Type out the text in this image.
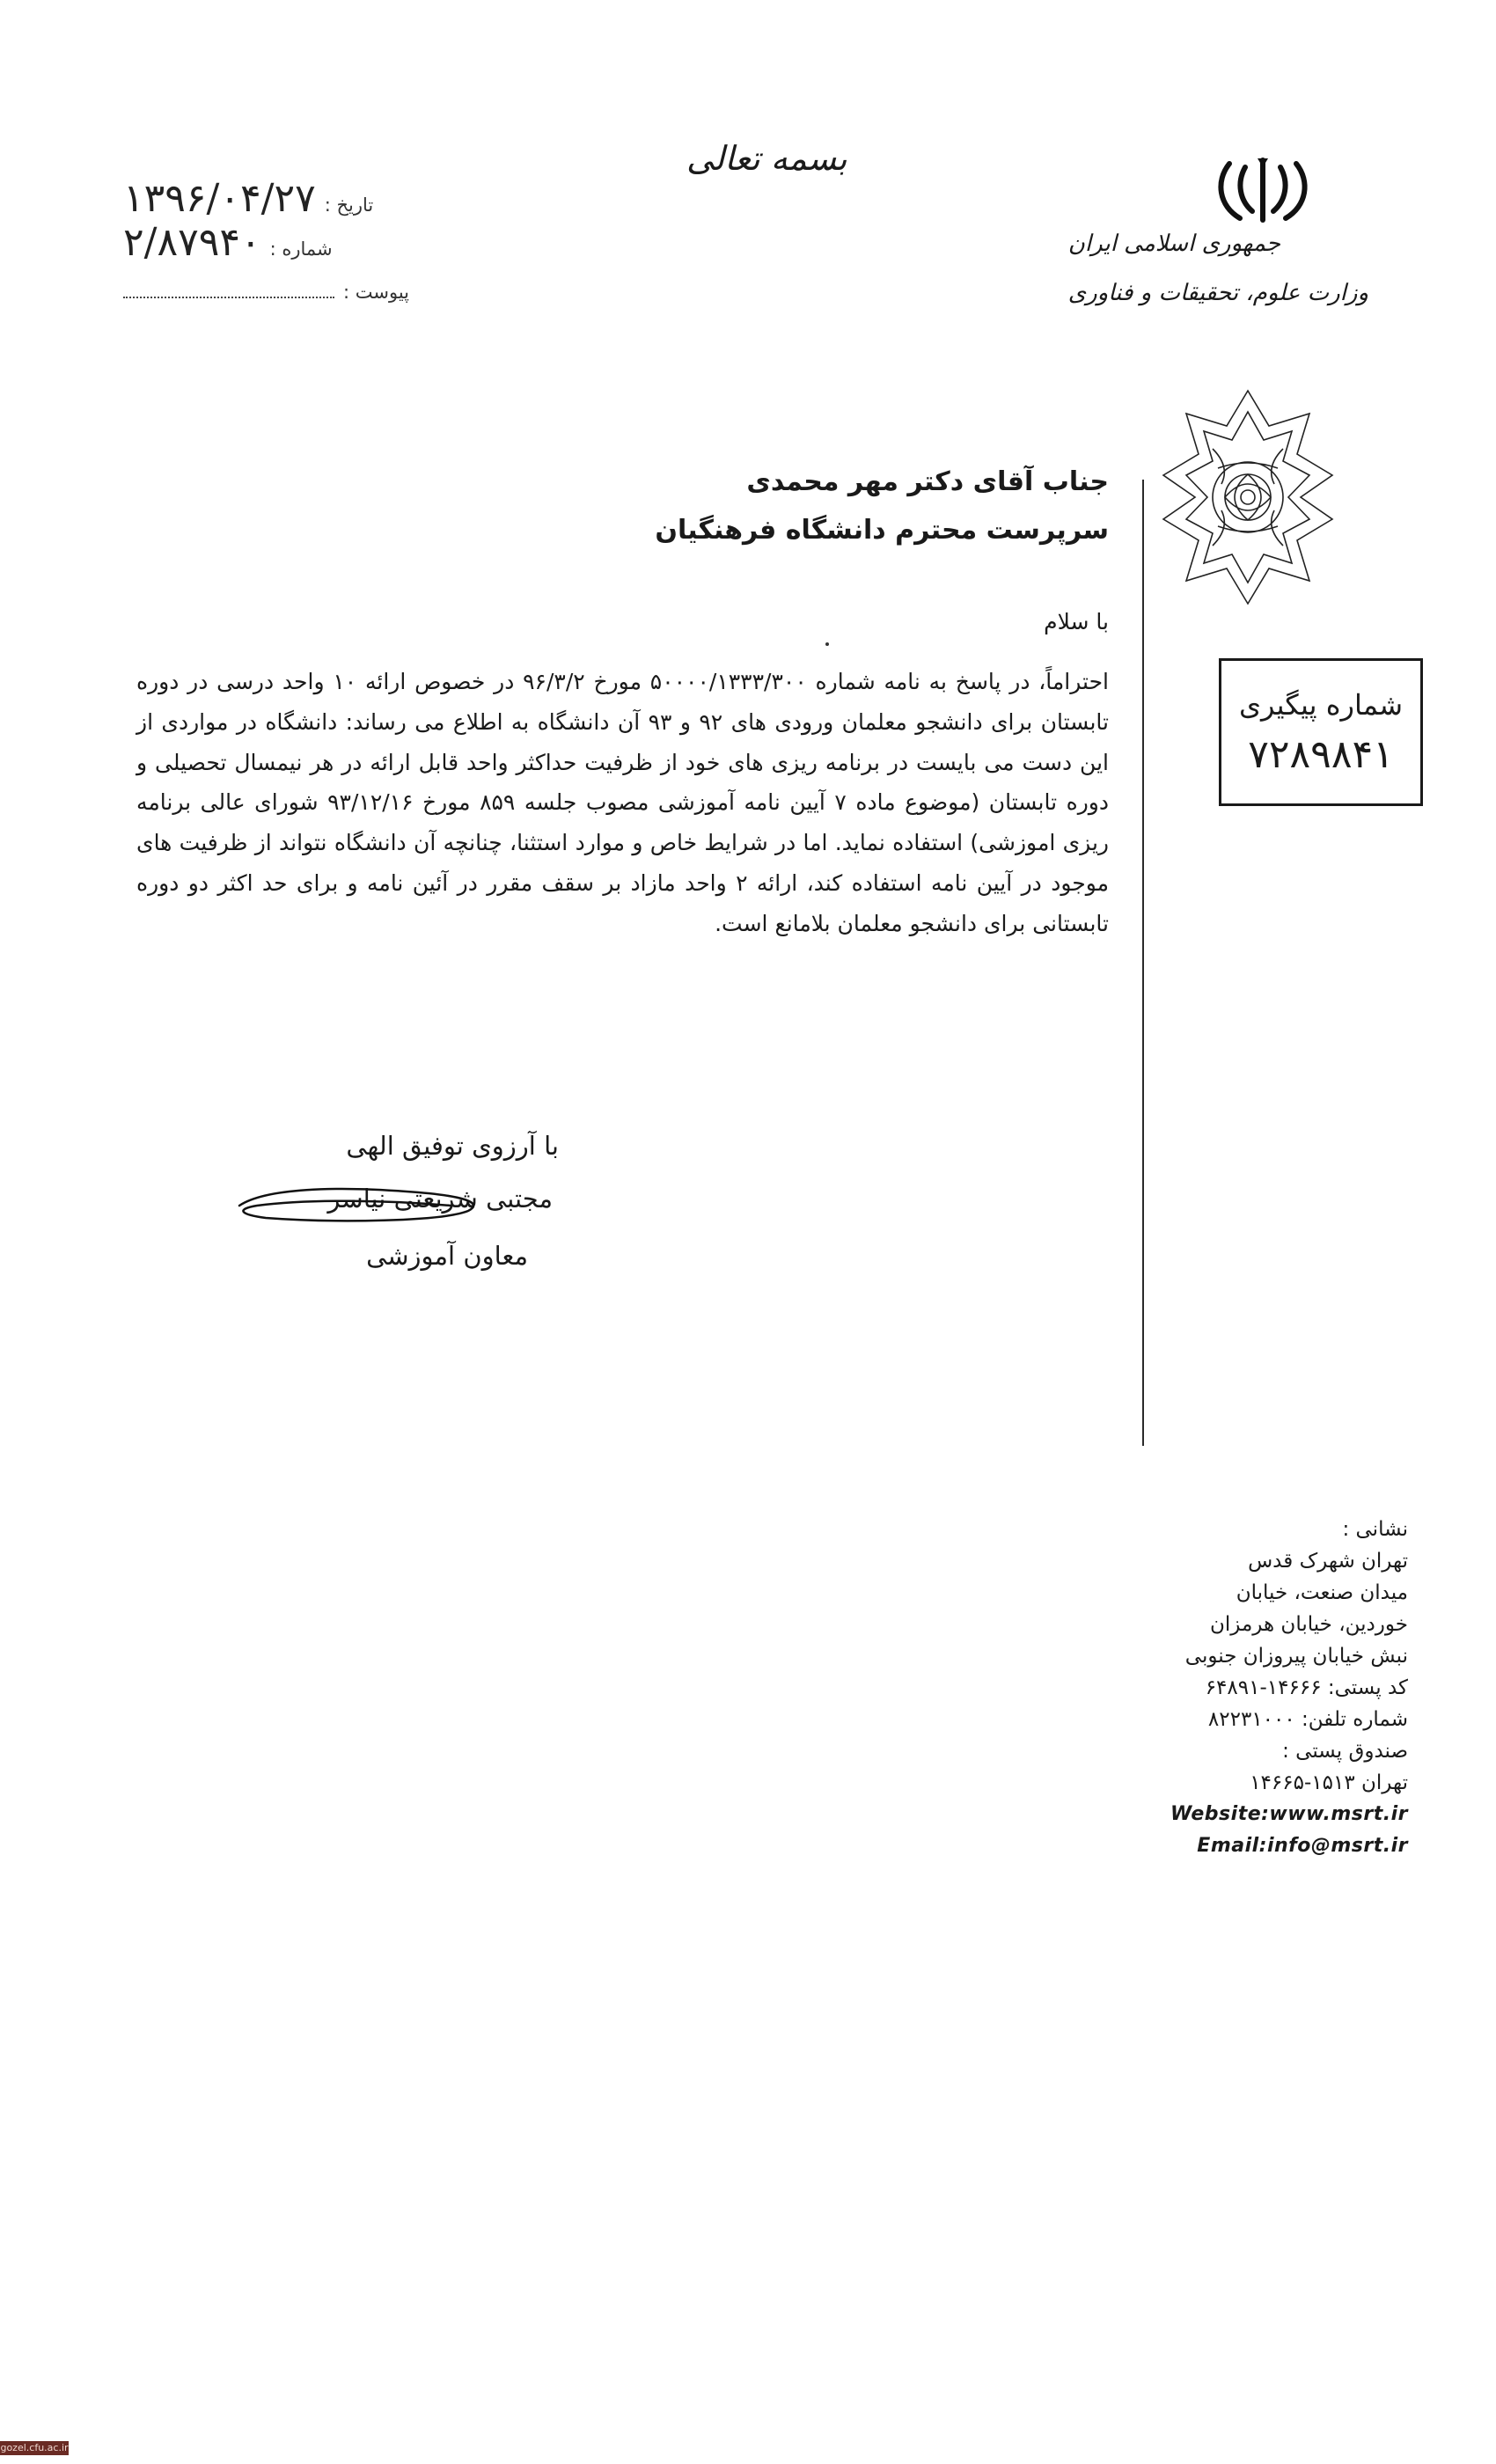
تاریخ :
۱۳۹۶/۰۴/۲۷
شماره :
۲/۸۷۹۴۰
پیوست :
بسمه تعالی
جمهوری اسلامی ایران
وزارت علوم، تحقیقات و فناوری
شماره پیگیری
۷۲۸۹۸۴۱
جناب آقای دکتر مهر محمدی
سرپرست محترم دانشگاه فرهنگیان
با سلام

احتراماً، در پاسخ به نامه شماره ۵۰۰۰۰/۱۳۳۳/۳۰۰ مورخ ۹۶/۳/۲ در خصوص ارائه ۱۰ واحد درسی در دوره تابستان برای دانشجو معلمان ورودی های ۹۲ و ۹۳ آن دانشگاه به اطلاع می رساند: دانشگاه در مواردی از این دست می بایست در برنامه ریزی های خود از ظرفیت حداکثر واحد قابل ارائه در هر نیمسال تحصیلی و دوره تابستان (موضوع ماده ۷ آیین نامه آموزشی مصوب جلسه ۸۵۹ مورخ ۹۳/۱۲/۱۶ شورای عالی برنامه ریزی اموزشی) استفاده نماید. اما در شرایط خاص و موارد استثنا، چنانچه آن دانشگاه نتواند از ظرفیت های موجود در آیین نامه استفاده کند، ارائه ۲ واحد مازاد بر سقف مقرر در آئین نامه و برای حد اکثر دو دوره تابستانی برای دانشجو معلمان بلامانع است.

با آرزوی توفیق الهی
مجتبی شریعتی نیاسر
معاون آموزشی
نشانی :
تهران شهرک قدس
میدان صنعت، خیابان
خوردین، خیابان هرمزان
نبش خیابان پیروزان جنوبی
کد پستی: ۱۴۶۶۶-۶۴۸۹۱
شماره تلفن: ۸۲۲۳۱۰۰۰
صندوق پستی :
تهران ۱۵۱۳-۱۴۶۶۵
Website:www.msrt.ir
Email:info@msrt.ir
gozel.cfu.ac.ir
